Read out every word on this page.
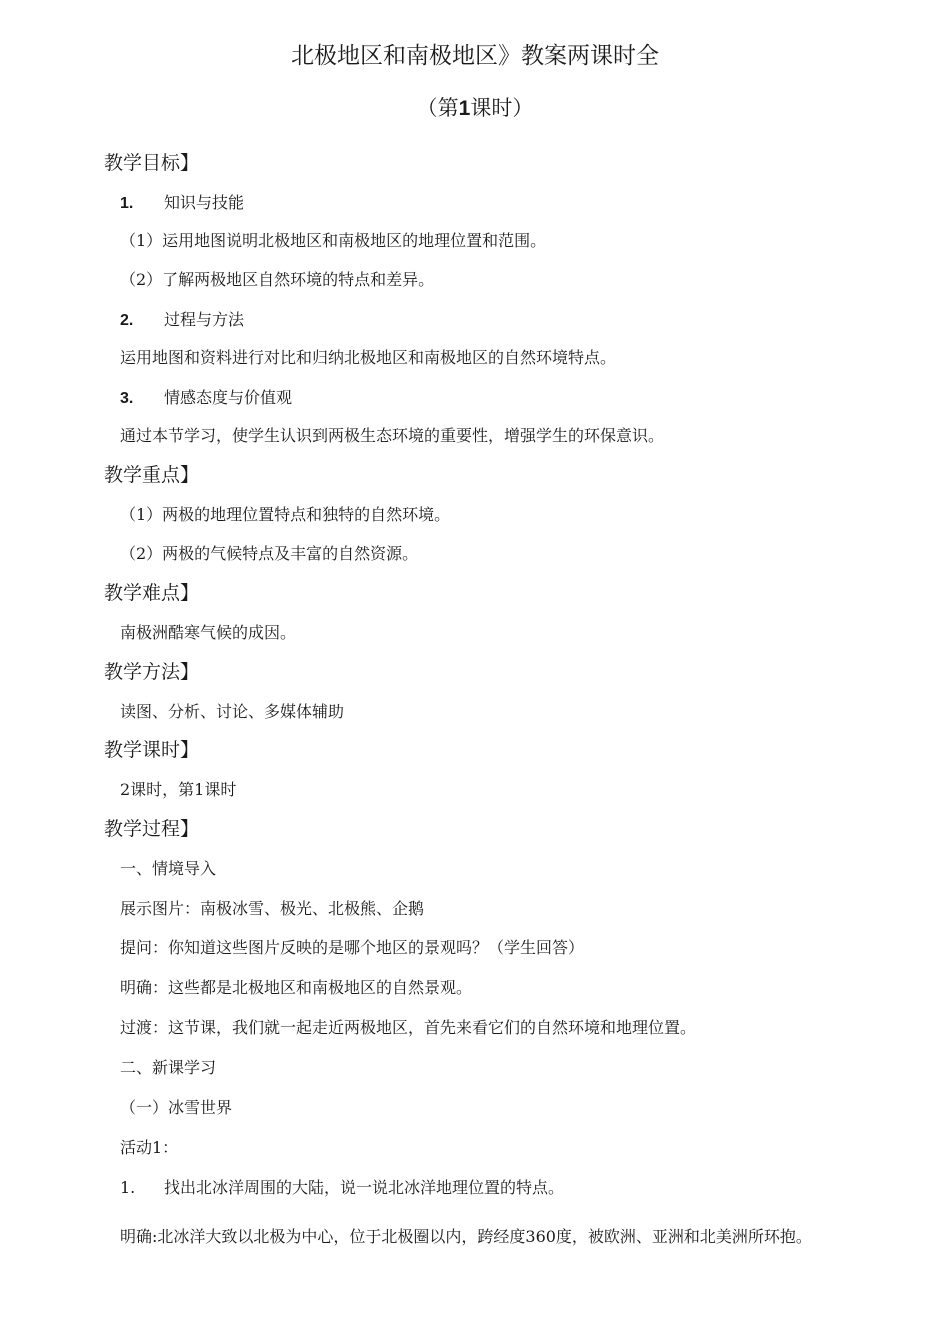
北极地区和南极地区》教案两课时全
（第1课时）
教学目标】
1. 知识与技能
（1）运用地图说明北极地区和南极地区的地理位置和范围。
（2）了解两极地区自然环境的特点和差异。
2. 过程与方法
运用地图和资料进行对比和归纳北极地区和南极地区的自然环境特点。
3. 情感态度与价值观
通过本节学习，使学生认识到两极生态环境的重要性，增强学生的环保意识。
教学重点】
（1）两极的地理位置特点和独特的自然环境。
（2）两极的气候特点及丰富的自然资源。
教学难点】
南极洲酷寒气候的成因。
教学方法】
读图、分析、讨论、多媒体辅助
教学课时】
2课时，第1课时
教学过程】
一、情境导入
展示图片：南极冰雪、极光、北极熊、企鹅
提问：你知道这些图片反映的是哪个地区的景观吗？（学生回答）
明确：这些都是北极地区和南极地区的自然景观。
过渡：这节课，我们就一起走近两极地区，首先来看它们的自然环境和地理位置。
二、新课学习
（一）冰雪世界
活动1：
1. 找出北冰洋周围的大陆，说一说北冰洋地理位置的特点。
明确:北冰洋大致以北极为中心，位于北极圈以内，跨经度360度，被欧洲、亚洲和北美洲所环抱。
